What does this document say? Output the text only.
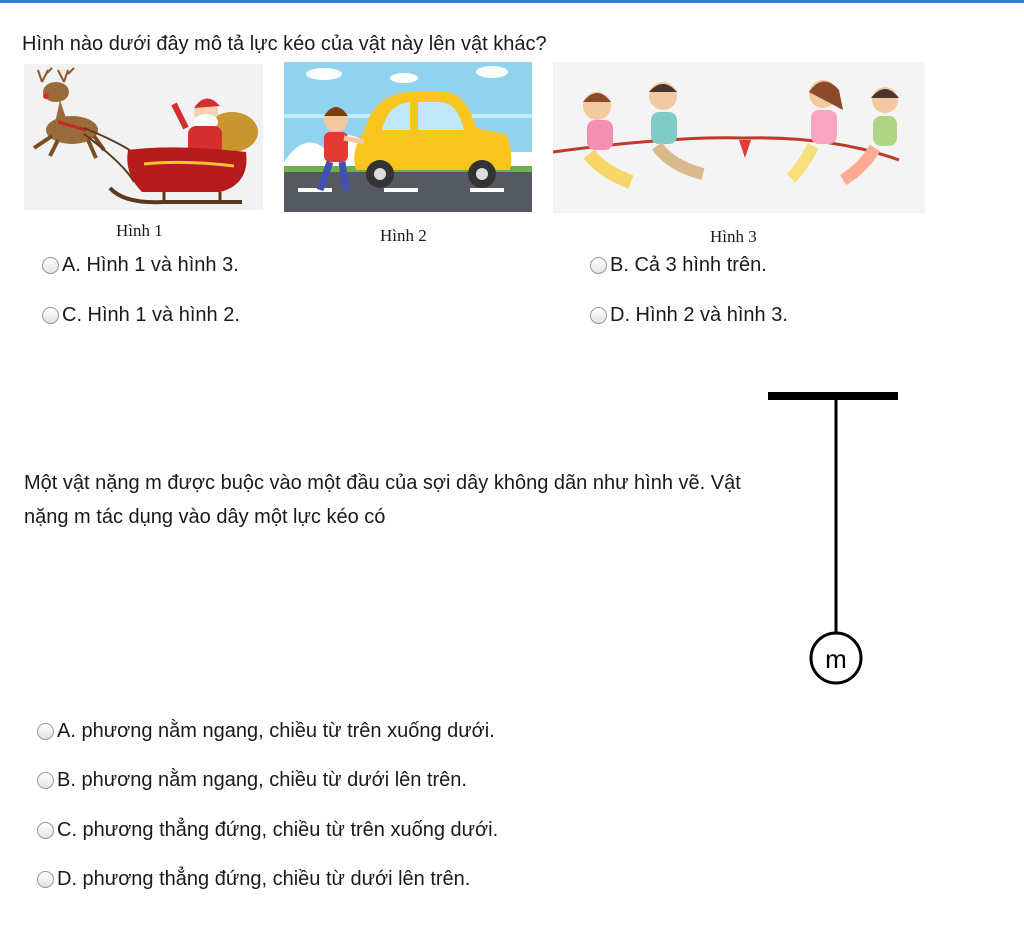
Hình nào dưới đây mô tả lực kéo của vật này lên vật khác?
Hình 1	Hình 2	Hình 3
A. Hình 1 và hình 3.	B. Cả 3 hình trên.
C. Hình 1 và hình 2.	D. Hình 2 và hình 3.
Một vật nặng m được buộc vào một đầu của sợi dây không dãn như hình vẽ. Vật nặng m tác dụng vào dây một lực kéo có
m
A. phương nằm ngang, chiều từ trên xuống dưới.
B. phương nằm ngang, chiều từ dưới lên trên.
C. phương thẳng đứng, chiều từ trên xuống dưới.
D. phương thẳng đứng, chiều từ dưới lên trên.
